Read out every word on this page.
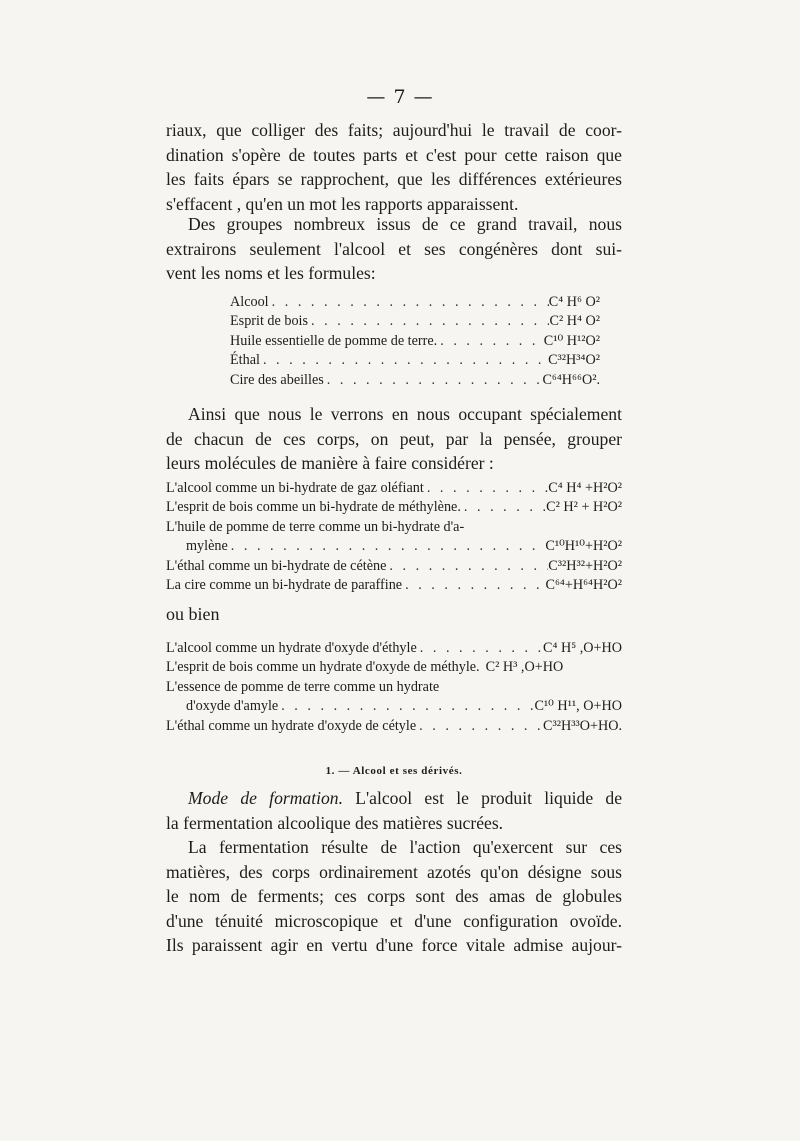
— 7 —

riaux, que colliger des faits; aujourd'hui le travail de coor-
dination s'opère de toutes parts et c'est pour cette raison que
les faits épars se rapprochent, que les différences extérieures
s'effacent , qu'en un mot les rapports apparaissent.

Des groupes nombreux issus de ce grand travail, nous
extrairons seulement l'alcool et ses congénères dont sui-
vent les noms et les formules:

Alcool . . .	C⁴ H⁶ O²
Esprit de bois . . .	C² H⁴ O²
Huile essentielle de pomme de terre. . . .	C¹⁰ H¹²O²
Éthal . . .	C³²H³⁴O²
Cire des abeilles . . .	C⁶⁴H⁶⁶O².

Ainsi que nous le verrons en nous occupant spécialement
de chacun de ces corps, on peut, par la pensée, grouper
leurs molécules de manière à faire considérer :

L'alcool comme un bi-hydrate de gaz oléfiant . . .	C⁴ H⁴ +H²O²
L'esprit de bois comme un bi-hydrate de méthylène. . . .	C² H² + H²O²
L'huile de pomme de terre comme un bi-hydrate d'a-
mylène . . .	C¹⁰H¹⁰+H²O²
L'éthal comme un bi-hydrate de cétène . . .	C³²H³²+H²O²
La cire comme un bi-hydrate de paraffine . . .	C⁶⁴+H⁶⁴H²O²
ou bien
L'alcool comme un hydrate d'oxyde d'éthyle . . .	C⁴ H⁵ ,O+HO
L'esprit de bois comme un hydrate d'oxyde de méthyle. C² H³ ,O+HO
L'essence de pomme de terre comme un hydrate
d'oxyde d'amyle . . .	C¹⁰ H¹¹, O+HO
L'éthal comme un hydrate d'oxyde de cétyle . . .	C³²H³³O+HO.
1. — Alcool et ses dérivés.

Mode de formation. L'alcool est le produit liquide de
la fermentation alcoolique des matières sucrées.

La fermentation résulte de l'action qu'exercent sur ces
matières, des corps ordinairement azotés qu'on désigne sous
le nom de ferments; ces corps sont des amas de globules
d'une ténuité microscopique et d'une configuration ovoïde.
Ils paraissent agir en vertu d'une force vitale admise aujour-
